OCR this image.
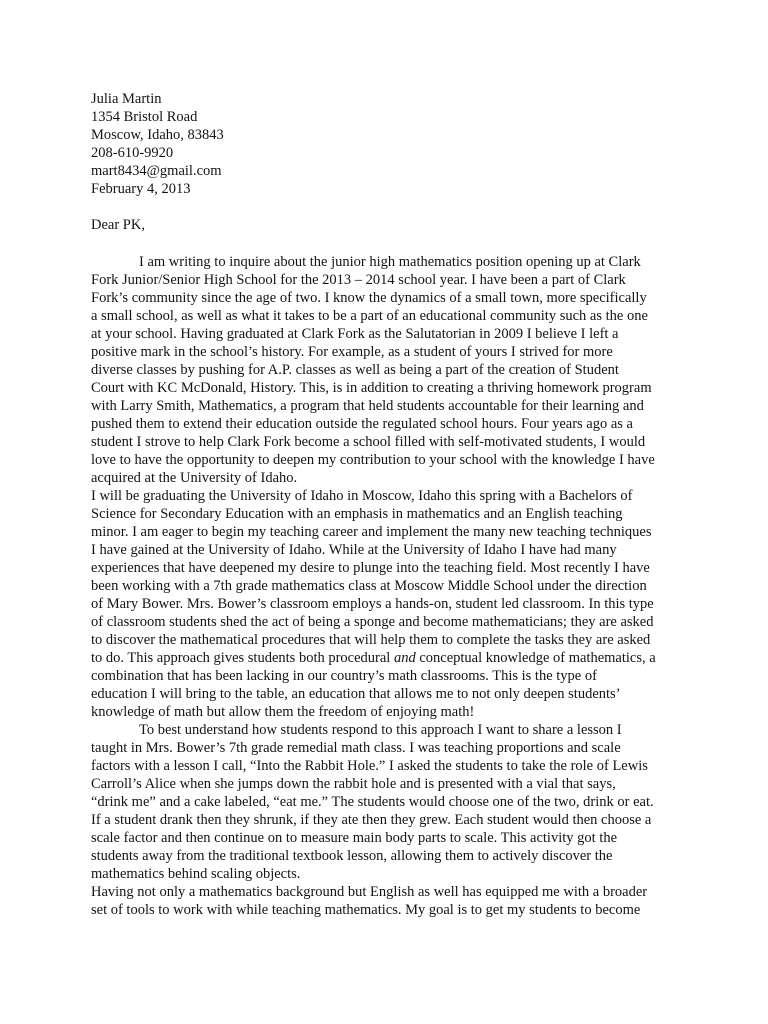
Julia Martin
1354 Bristol Road
Moscow, Idaho, 83843
208-610-9920
mart8434@gmail.com
February 4, 2013
Dear PK,
I am writing to inquire about the junior high mathematics position opening up at Clark
Fork Junior/Senior High School for the 2013 – 2014 school year. I have been a part of Clark
Fork’s community since the age of two. I know the dynamics of a small town, more specifically
a small school, as well as what it takes to be a part of an educational community such as the one
at your school. Having graduated at Clark Fork as the Salutatorian in 2009 I believe I left a
positive mark in the school’s history. For example, as a student of yours I strived for more
diverse classes by pushing for A.P. classes as well as being a part of the creation of Student
Court with KC McDonald, History. This, is in addition to creating a thriving homework program
with Larry Smith, Mathematics, a program that held students accountable for their learning and
pushed them to extend their education outside the regulated school hours. Four years ago as a
student I strove to help Clark Fork become a school filled with self-motivated students, I would
love to have the opportunity to deepen my contribution to your school with the knowledge I have
acquired at the University of Idaho.
I will be graduating the University of Idaho in Moscow, Idaho this spring with a Bachelors of
Science for Secondary Education with an emphasis in mathematics and an English teaching
minor. I am eager to begin my teaching career and implement the many new teaching techniques
I have gained at the University of Idaho. While at the University of Idaho I have had many
experiences that have deepened my desire to plunge into the teaching field. Most recently I have
been working with a 7th grade mathematics class at Moscow Middle School under the direction
of Mary Bower. Mrs. Bower’s classroom employs a hands-on, student led classroom. In this type
of classroom students shed the act of being a sponge and become mathematicians; they are asked
to discover the mathematical procedures that will help them to complete the tasks they are asked
to do. This approach gives students both procedural and conceptual knowledge of mathematics, a
combination that has been lacking in our country’s math classrooms. This is the type of
education I will bring to the table, an education that allows me to not only deepen students’
knowledge of math but allow them the freedom of enjoying math!
To best understand how students respond to this approach I want to share a lesson I
taught in Mrs. Bower’s 7th grade remedial math class. I was teaching proportions and scale
factors with a lesson I call, “Into the Rabbit Hole.” I asked the students to take the role of Lewis
Carroll’s Alice when she jumps down the rabbit hole and is presented with a vial that says,
“drink me” and a cake labeled, “eat me.” The students would choose one of the two, drink or eat.
If a student drank then they shrunk, if they ate then they grew. Each student would then choose a
scale factor and then continue on to measure main body parts to scale. This activity got the
students away from the traditional textbook lesson, allowing them to actively discover the
mathematics behind scaling objects.
Having not only a mathematics background but English as well has equipped me with a broader
set of tools to work with while teaching mathematics. My goal is to get my students to become
